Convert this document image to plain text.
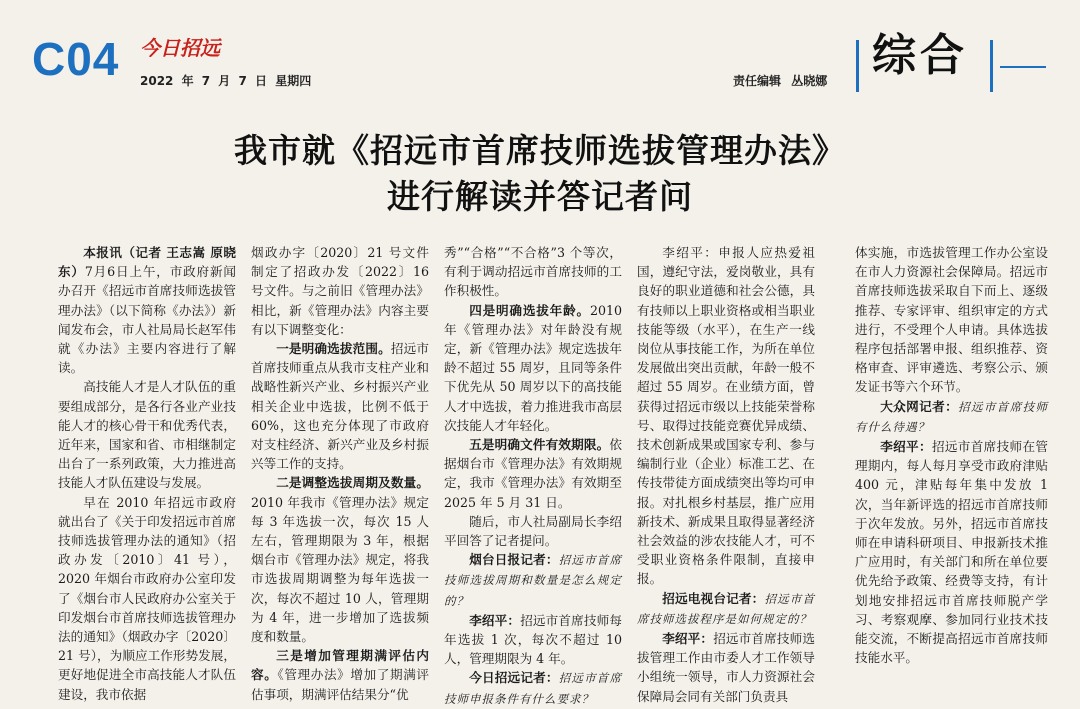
C04 今日招远
2022 年 7 月 7 日 星期四	责任编辑 丛晓娜 综合
我市就《招远市首席技师选拔管理办法》
进行解读并答记者问

本报讯（记者 王志嵩 原晓东）7月6日上午，市政府新闻办召开《招远市首席技师选拔管理办法》（以下简称《办法》）新闻发布会，市人社局局长赵军伟就《办法》主要内容进行了解读。

高技能人才是人才队伍的重要组成部分，是各行各业产业技能人才的核心骨干和优秀代表，近年来，国家和省、市相继制定出台了一系列政策，大力推进高技能人才队伍建设与发展。

早在 2010 年招远市政府就出台了《关于印发招远市首席技师选拔管理办法的通知》（招政办发〔2010〕41 号），2020 年烟台市政府办公室印发了《烟台市人民政府办公室关于印发烟台市首席技师选拔管理办法的通知》（烟政办字〔2020〕21 号），为顺应工作形势发展，更好地促进全市高技能人才队伍建设，我市依据

烟政办字〔2020〕21 号文件制定了招政办发〔2022〕16 号文件。与之前旧《管理办法》相比，新《管理办法》内容主要有以下调整变化：

一是明确选拔范围。招远市首席技师重点从我市支柱产业和战略性新兴产业、乡村振兴产业相关企业中选拔，比例不低于 60%，这也充分体现了市政府对支柱经济、新兴产业及乡村振兴等工作的支持。

二是调整选拔周期及数量。2010 年我市《管理办法》规定每 3 年选拔一次，每次 15 人左右，管理期限为 3 年，根据烟台市《管理办法》规定，将我市选拔周期调整为每年选拔一次，每次不超过 10 人，管理期为 4 年，进一步增加了选拔频度和数量。

三是增加管理期满评估内容。《管理办法》增加了期满评估事项，期满评估结果分“优

秀”“合格”“不合格”3 个等次，有利于调动招远市首席技师的工作积极性。

四是明确选拔年龄。2010 年《管理办法》对年龄没有规定，新《管理办法》规定选拔年龄不超过 55 周岁，且同等条件下优先从 50 周岁以下的高技能人才中选拔，着力推进我市高层次技能人才年轻化。

五是明确文件有效期限。依据烟台市《管理办法》有效期规定，我市《管理办法》有效期至 2025 年 5 月 31 日。

随后，市人社局副局长李绍平回答了记者提问。

烟台日报记者：招远市首席技师选拔周期和数量是怎么规定的？

李绍平：招远市首席技师每年选拔 1 次，每次不超过 10 人，管理期限为 4 年。

今日招远记者：招远市首席技师申报条件有什么要求？

李绍平：申报人应热爱祖国，遵纪守法，爱岗敬业，具有良好的职业道德和社会公德，具有技师以上职业资格或相当职业技能等级（水平），在生产一线岗位从事技能工作，为所在单位发展做出突出贡献，年龄一般不超过 55 周岁。在业绩方面，曾获得过招远市级以上技能荣誉称号、取得过技能竞赛优异成绩、技术创新成果或国家专利、参与编制行业（企业）标准工艺、在传技带徒方面成绩突出等均可申报。对扎根乡村基层，推广应用新技术、新成果且取得显著经济社会效益的涉农技能人才，可不受职业资格条件限制，直接申报。

招远电视台记者：招远市首席技师选拔程序是如何规定的？

李绍平：招远市首席技师选拔管理工作由市委人才工作领导小组统一领导，市人力资源社会保障局会同有关部门负责具

体实施，市选拔管理工作办公室设在市人力资源社会保障局。招远市首席技师选拔采取自下而上、逐级推荐、专家评审、组织审定的方式进行，不受理个人申请。具体选拔程序包括部署申报、组织推荐、资格审查、评审遴选、考察公示、颁发证书等六个环节。

大众网记者：招远市首席技师有什么待遇？

李绍平：招远市首席技师在管理期内，每人每月享受市政府津贴 400 元，津贴每年集中发放 1 次，当年新评选的招远市首席技师于次年发放。另外，招远市首席技师在申请科研项目、申报新技术推广应用时，有关部门和所在单位要优先给予政策、经费等支持，有计划地安排招远市首席技师脱产学习、考察观摩、参加同行业技术技能交流，不断提高招远市首席技师技能水平。
